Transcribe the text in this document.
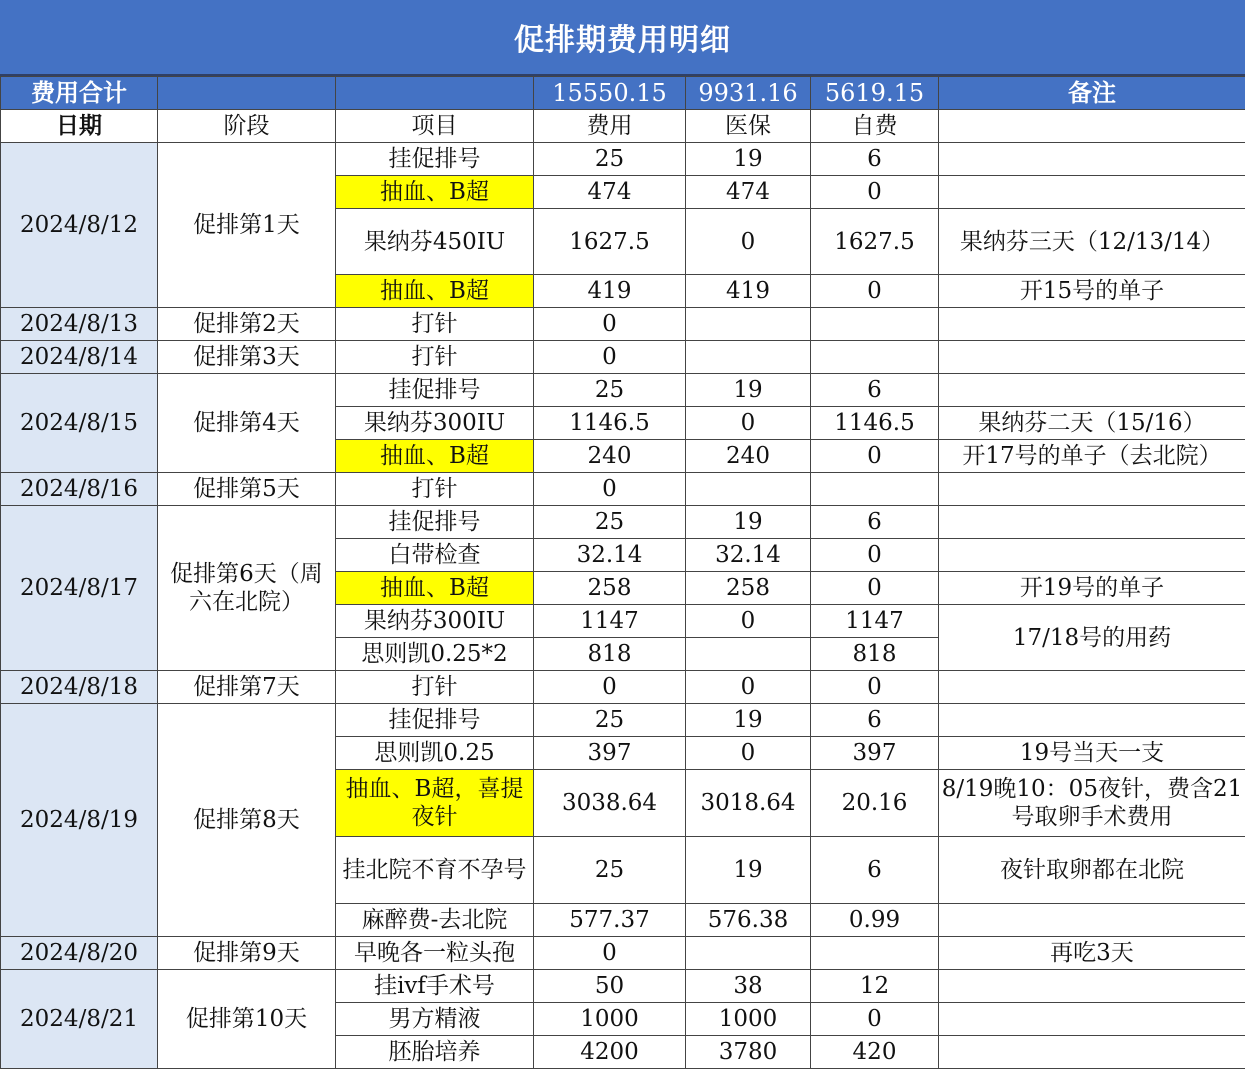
促排期费用明细
费用合计			15550.15	9931.16	5619.15	备注
日期	阶段	项目	费用	医保	自费	
2024/8/12	促排第1天	挂促排号	25	19	6	
		抽血、B超	474	474	0	
		果纳芬450IU	1627.5	0	1627.5	果纳芬三天（12/13/14）
		抽血、B超	419	419	0	开15号的单子
2024/8/13	促排第2天	打针	0			
2024/8/14	促排第3天	打针	0			
2024/8/15	促排第4天	挂促排号	25	19	6	
		果纳芬300IU	1146.5	0	1146.5	果纳芬二天（15/16）
		抽血、B超	240	240	0	开17号的单子（去北院）
2024/8/16	促排第5天	打针	0			
2024/8/17	促排第6天（周六在北院）	挂促排号	25	19	6	
		白带检查	32.14	32.14	0	
		抽血、B超	258	258	0	开19号的单子
		果纳芬300IU	1147	0	1147	17/18号的用药
		思则凯0.25*2	818		818	
2024/8/18	促排第7天	打针	0	0	0	
2024/8/19	促排第8天	挂促排号	25	19	6	
		思则凯0.25	397	0	397	19号当天一支
		抽血、B超，喜提夜针	3038.64	3018.64	20.16	8/19晚10：05夜针，费含21号取卵手术费用
		挂北院不育不孕号	25	19	6	夜针取卵都在北院
		麻醉费-去北院	577.37	576.38	0.99	
2024/8/20	促排第9天	早晚各一粒头孢	0			再吃3天
2024/8/21	促排第10天	挂ivf手术号	50	38	12	
		男方精液	1000	1000	0	
		胚胎培养	4200	3780	420	
